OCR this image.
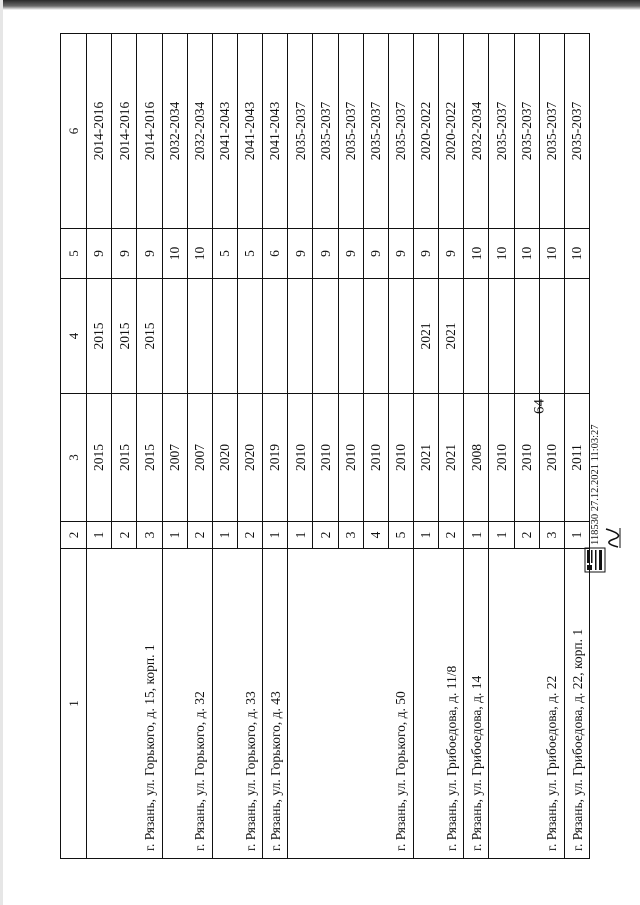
64
1	2	3	4	5	6
г. Рязань, ул. Горького, д. 15, корп. 1	1	2015	2015	9	2014-2016
	2	2015	2015	9	2014-2016
	3	2015	2015	9	2014-2016
г. Рязань, ул. Горького, д. 32	1	2007		10	2032-2034
	2	2007		10	2032-2034
г. Рязань, ул. Горького, д. 33	1	2020		5	2041-2043
	2	2020		5	2041-2043
г. Рязань, ул. Горького, д. 43	1	2019		6	2041-2043
г. Рязань, ул. Горького, д. 50	1	2010		9	2035-2037
	2	2010		9	2035-2037
	3	2010		9	2035-2037
	4	2010		9	2035-2037
	5	2010		9	2035-2037
г. Рязань, ул. Грибоедова, д. 11/8	1	2021	2021	9	2020-2022
	2	2021	2021	9	2020-2022
г. Рязань, ул. Грибоедова, д. 14	1	2008		10	2032-2034
г. Рязань, ул. Грибоедова, д. 22	1	2010		10	2035-2037
	2	2010		10	2035-2037
	3	2010		10	2035-2037
г. Рязань, ул. Грибоедова, д. 22, корп. 1	1	2011		10	2035-2037
118530 27.12.2021 11:03:27
